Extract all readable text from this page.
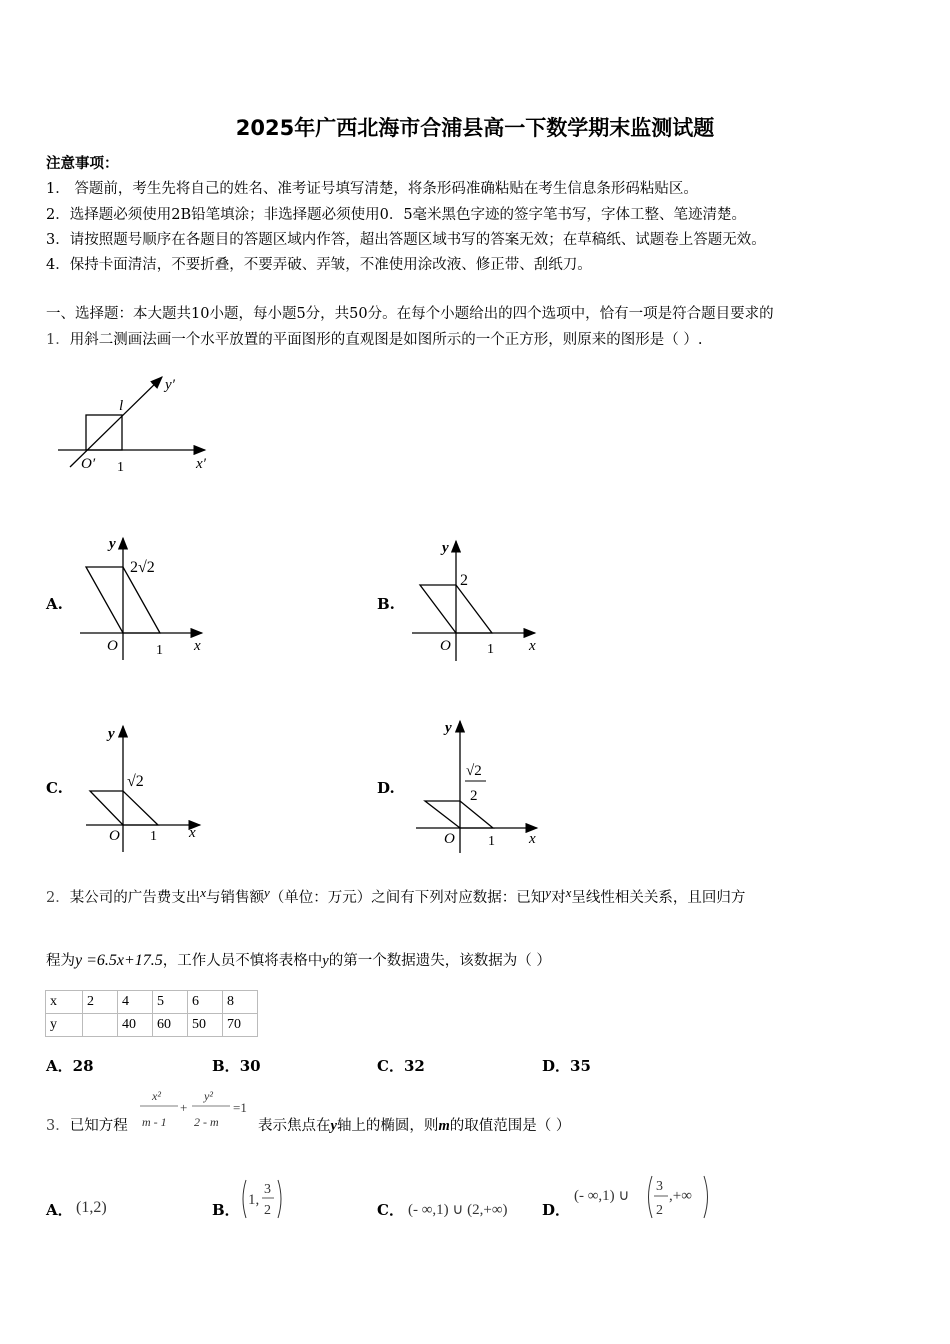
2025年广西北海市合浦县高一下数学期末监测试题
注意事项：
1． 答题前，考生先将自己的姓名、准考证号填写清楚，将条形码准确粘贴在考生信息条形码粘贴区。
2．选择题必须使用2B铅笔填涂；非选择题必须使用0．5毫米黑色字迹的签字笔书写，字体工整、笔迹清楚。
3．请按照题号顺序在各题目的答题区域内作答，超出答题区域书写的答案无效；在草稿纸、试题卷上答题无效。
4．保持卡面清洁，不要折叠，不要弄破、弄皱，不准使用涂改液、修正带、刮纸刀。
一、选择题：本大题共10小题，每小题5分，共50分。在每个小题给出的四个选项中，恰有一项是符合题目要求的
1．用斜二测画法画一个水平放置的平面图形的直观图是如图所示的一个正方形，则原来的图形是（ ）.
y′
x′
O′ 1
l
A.
y
x
O	1
2√2
B.
y
x
O	1
2
C.
y
x
O 1
√2	D.
y
x
O 1
√2
2
2．某公司的广告费支出x与销售额y（单位：万元）之间有下列对应数据：已知y对x呈线性相关关系，且回归方
程为y =6.5x+17.5，工作人员不慎将表格中y的第一个数据遗失，该数据为（ ）
x	2	4	5	6	8
y		40	60	50	70
A．28	B．30	C．32	D．35
3．已知方程
x²
m - 1
+
y²
2 - m
=1
表示焦点在y轴上的椭圆，则m的取值范围是（ ）
A． (1,2)	B．
1,
3
2	C． (- ∞,1) ∪ (2,+∞) D．
(- ∞,1) ∪
3
2
,+∞
